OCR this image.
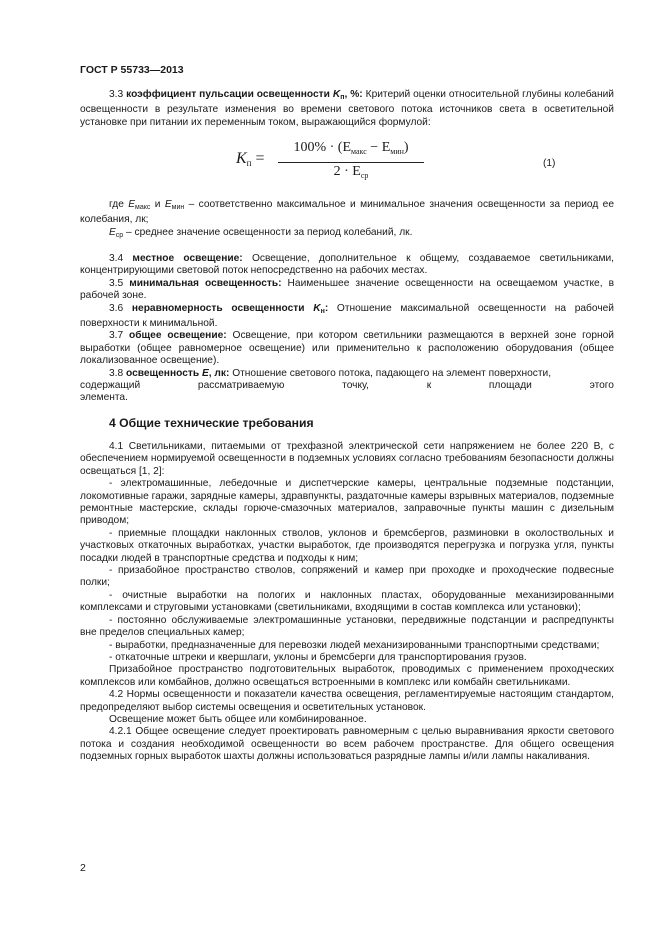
ГОСТ Р 55733—2013

3.3 коэффициент пульсации освещенности $K_п$, %: Критерий оценки относительной глубины колебаний освещенности в результате изменения во времени светового потока источников света в осветительной установке при питании их переменным током, выражающийся формулой:

Kп =
$100\% \cdot (E_{макс} - E_{мин})$
$2 \cdot E_{ср}$
(1)

где $E_{макс}$ и $E_{мин}$ – соответственно максимальное и минимальное значения освещенности за период ее колебания, лк;

$E_{ср}$ – среднее значение освещенности за период колебаний, лк.

3.4 местное освещение: Освещение, дополнительное к общему, создаваемое светильниками, концентрирующими световой поток непосредственно на рабочих местах.

3.5 минимальная освещенность: Наименьшее значение освещенности на освещаемом участке, в рабочей зоне.

3.6 неравномерность освещенности $K_н$: Отношение максимальной освещенности на рабочей поверхности к минимальной.

3.7 общее освещение: Освещение, при котором светильники размещаются в верхней зоне горной выработки (общее равномерное освещение) или применительно к расположению оборудования (общее локализованное освещение).

3.8 освещенность E, лк: Отношение светового потока, падающего на элемент поверхности,

содержащий	рассматриваемую	точку,	к	площади	этого

элемента.

4 Общие технические требования

4.1 Светильниками, питаемыми от трехфазной электрической сети напряжением не более 220 В, с обеспечением нормируемой освещенности в подземных условиях согласно требованиям безопасности должны освещаться [1, 2]:

- электромашинные, лебедочные и диспетчерские камеры, центральные подземные подстанции, локомотивные гаражи, зарядные камеры, здравпункты, раздаточные камеры взрывных материалов, подземные ремонтные мастерские, склады горюче-смазочных материалов, заправочные пункты машин с дизельным приводом;

- приемные площадки наклонных стволов, уклонов и бремсбергов, разминовки в околоствольных и участковых откаточных выработках, участки выработок, где производятся перегрузка и погрузка угля, пункты посадки людей в транспортные средства и подходы к ним;

- призабойное пространство стволов, сопряжений и камер при проходке и проходческие подвесные полки;

- очистные выработки на пологих и наклонных пластах, оборудованные механизированными комплексами и струговыми установками (светильниками, входящими в состав комплекса или установки);

- постоянно обслуживаемые электромашинные установки, передвижные подстанции и распредпункты вне пределов специальных камер;

- выработки, предназначенные для перевозки людей механизированными транспортными средствами;

- откаточные штреки и квершлаги, уклоны и бремсберги для транспортирования грузов.

Призабойное пространство подготовительных выработок, проводимых с применением проходческих комплексов или комбайнов, должно освещаться встроенными в комплекс или комбайн светильниками.

4.2 Нормы освещенности и показатели качества освещения, регламентируемые настоящим стандартом, предопределяют выбор системы освещения и осветительных установок.

Освещение может быть общее или комбинированное.

4.2.1 Общее освещение следует проектировать равномерным с целью выравнивания яркости светового потока и создания необходимой освещенности во всем рабочем пространстве. Для общего освещения подземных горных выработок шахты должны использоваться разрядные лампы и/или лампы накаливания.

2
